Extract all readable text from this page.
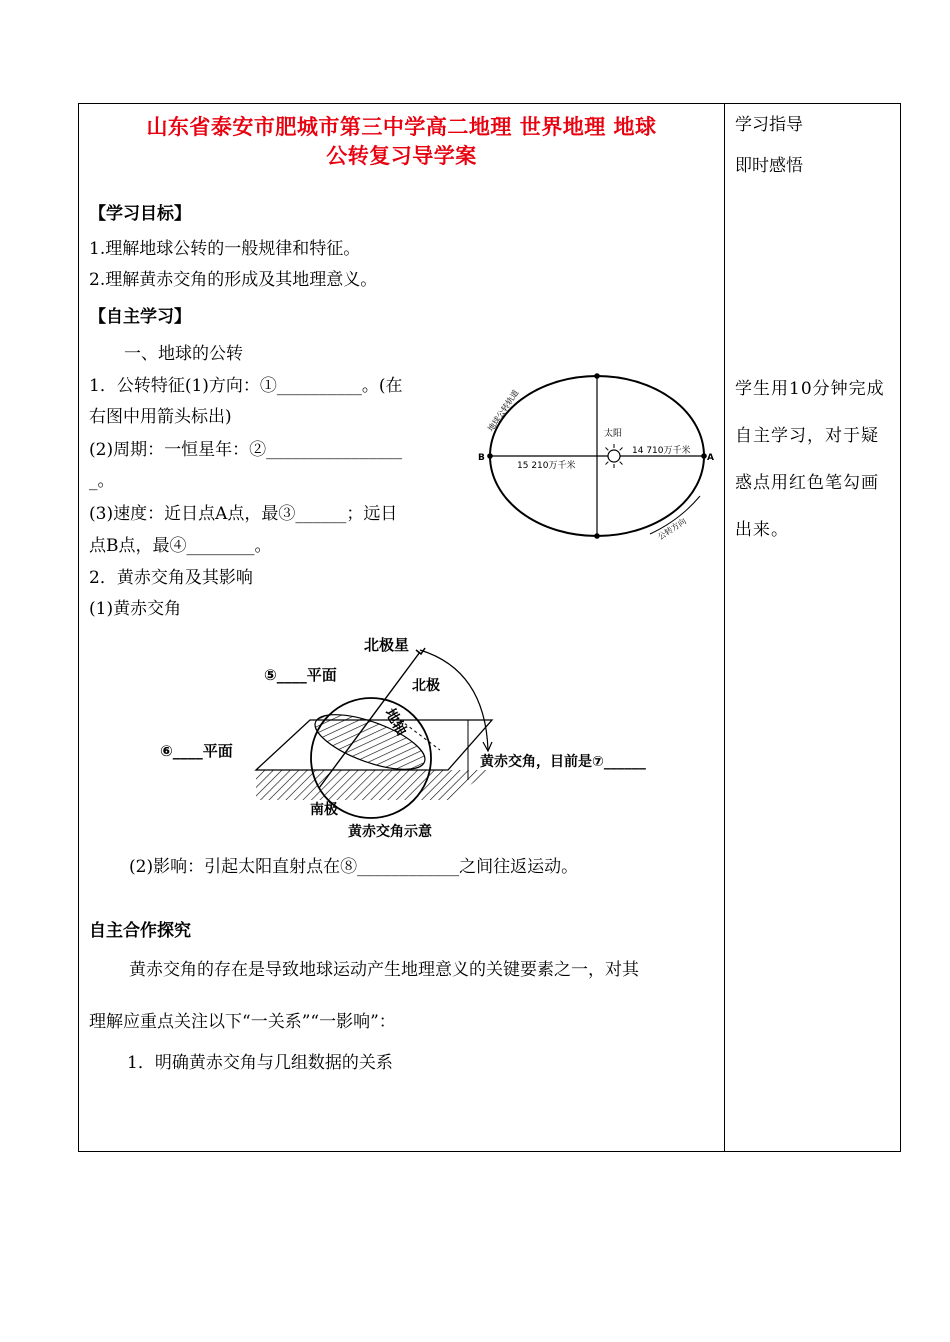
山东省泰安市肥城市第三中学高二地理 世界地理 地球
公转复习导学案
【学习目标】
1.理解地球公转的一般规律和特征。
2.理解黄赤交角的形成及其地理意义。
【自主学习】
一、地球的公转
1．公转特征(1)方向：①__________。(在
右图中用箭头标出)
(2)周期：一恒星年：②________________
_。
(3)速度：近日点A点，最③______；远日
点B点，最④________。
2．黄赤交角及其影响
(1)黄赤交角
(2)影响：引起太阳直射点在⑧____________之间往返运动。
自主合作探究
黄赤交角的存在是导致地球运动产生地理意义的关键要素之一，对其
理解应重点关注以下“一关系”“一影响”：
1．明确黄赤交角与几组数据的关系
太阳
B	A
15 210万千米
14 710万千米
地球公转轨道
公转方向
北极星
北极
地轴
⑤____平面
⑥____平面
黄赤交角，目前是⑦______
南极
黄赤交角示意
学习指导
即时感悟
学生用10分钟完成自主学习，对于疑惑点用红色笔勾画出来。
